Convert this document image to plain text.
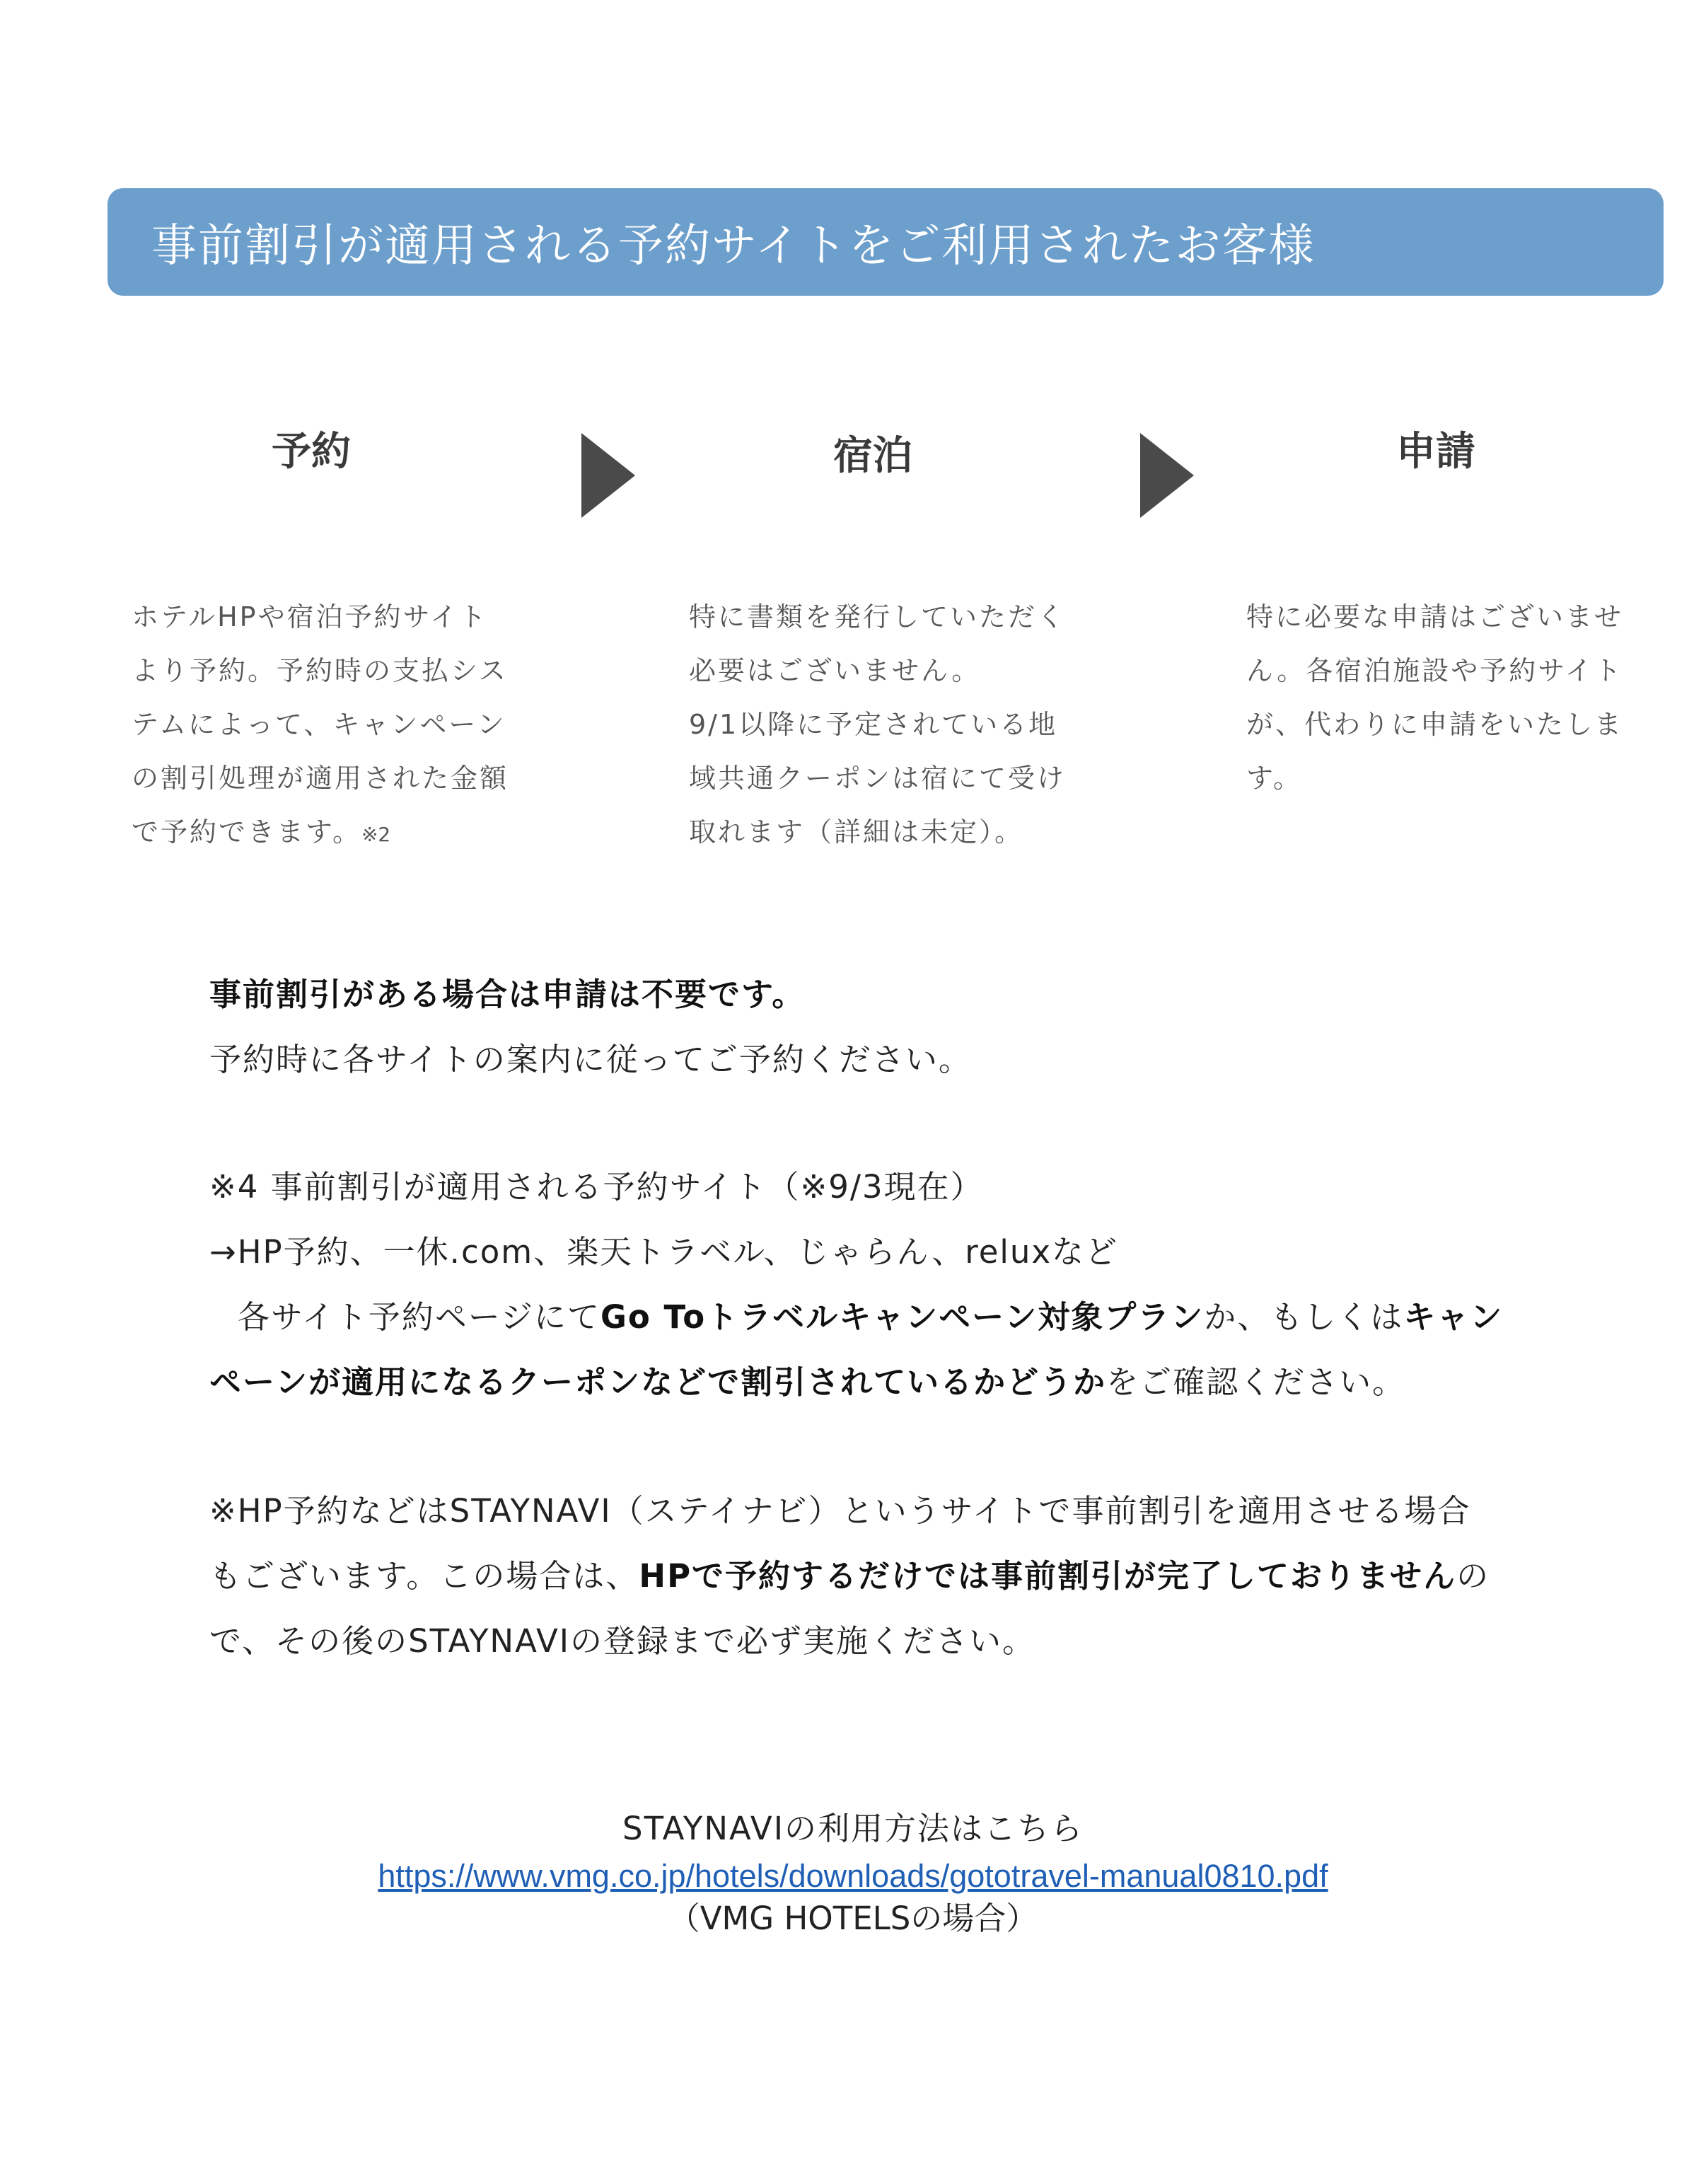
事前割引が適用される予約サイトをご利用されたお客様
予約	宿泊	申請

ホテルHPや宿泊予約サイト

より予約。予約時の支払シス

テムによって、キャンペーン

の割引処理が適用された金額

で予約できます。※2

特に書類を発行していただく

必要はございません。

9/1以降に予定されている地

域共通クーポンは宿にて受け

取れます（詳細は未定）。

特に必要な申請はございませ

ん。各宿泊施設や予約サイト

が、代わりに申請をいたしま

す。

事前割引がある場合は申請は不要です。

予約時に各サイトの案内に従ってご予約ください。

※4 事前割引が適用される予約サイト（※9/3現在）

→HP予約、一休.com、楽天トラベル、じゃらん、reluxなど

各サイト予約ページにてGo Toトラベルキャンペーン対象プランか、もしくはキャン

ペーンが適用になるクーポンなどで割引されているかどうかをご確認ください。

※HP予約などはSTAYNAVI（ステイナビ）というサイトで事前割引を適用させる場合

もございます。この場合は、HPで予約するだけでは事前割引が完了しておりませんの

で、その後のSTAYNAVIの登録まで必ず実施ください。

STAYNAVIの利用方法はこちら
https://www.vmg.co.jp/hotels/downloads/gototravel-manual0810.pdf
（VMG HOTELSの場合）
